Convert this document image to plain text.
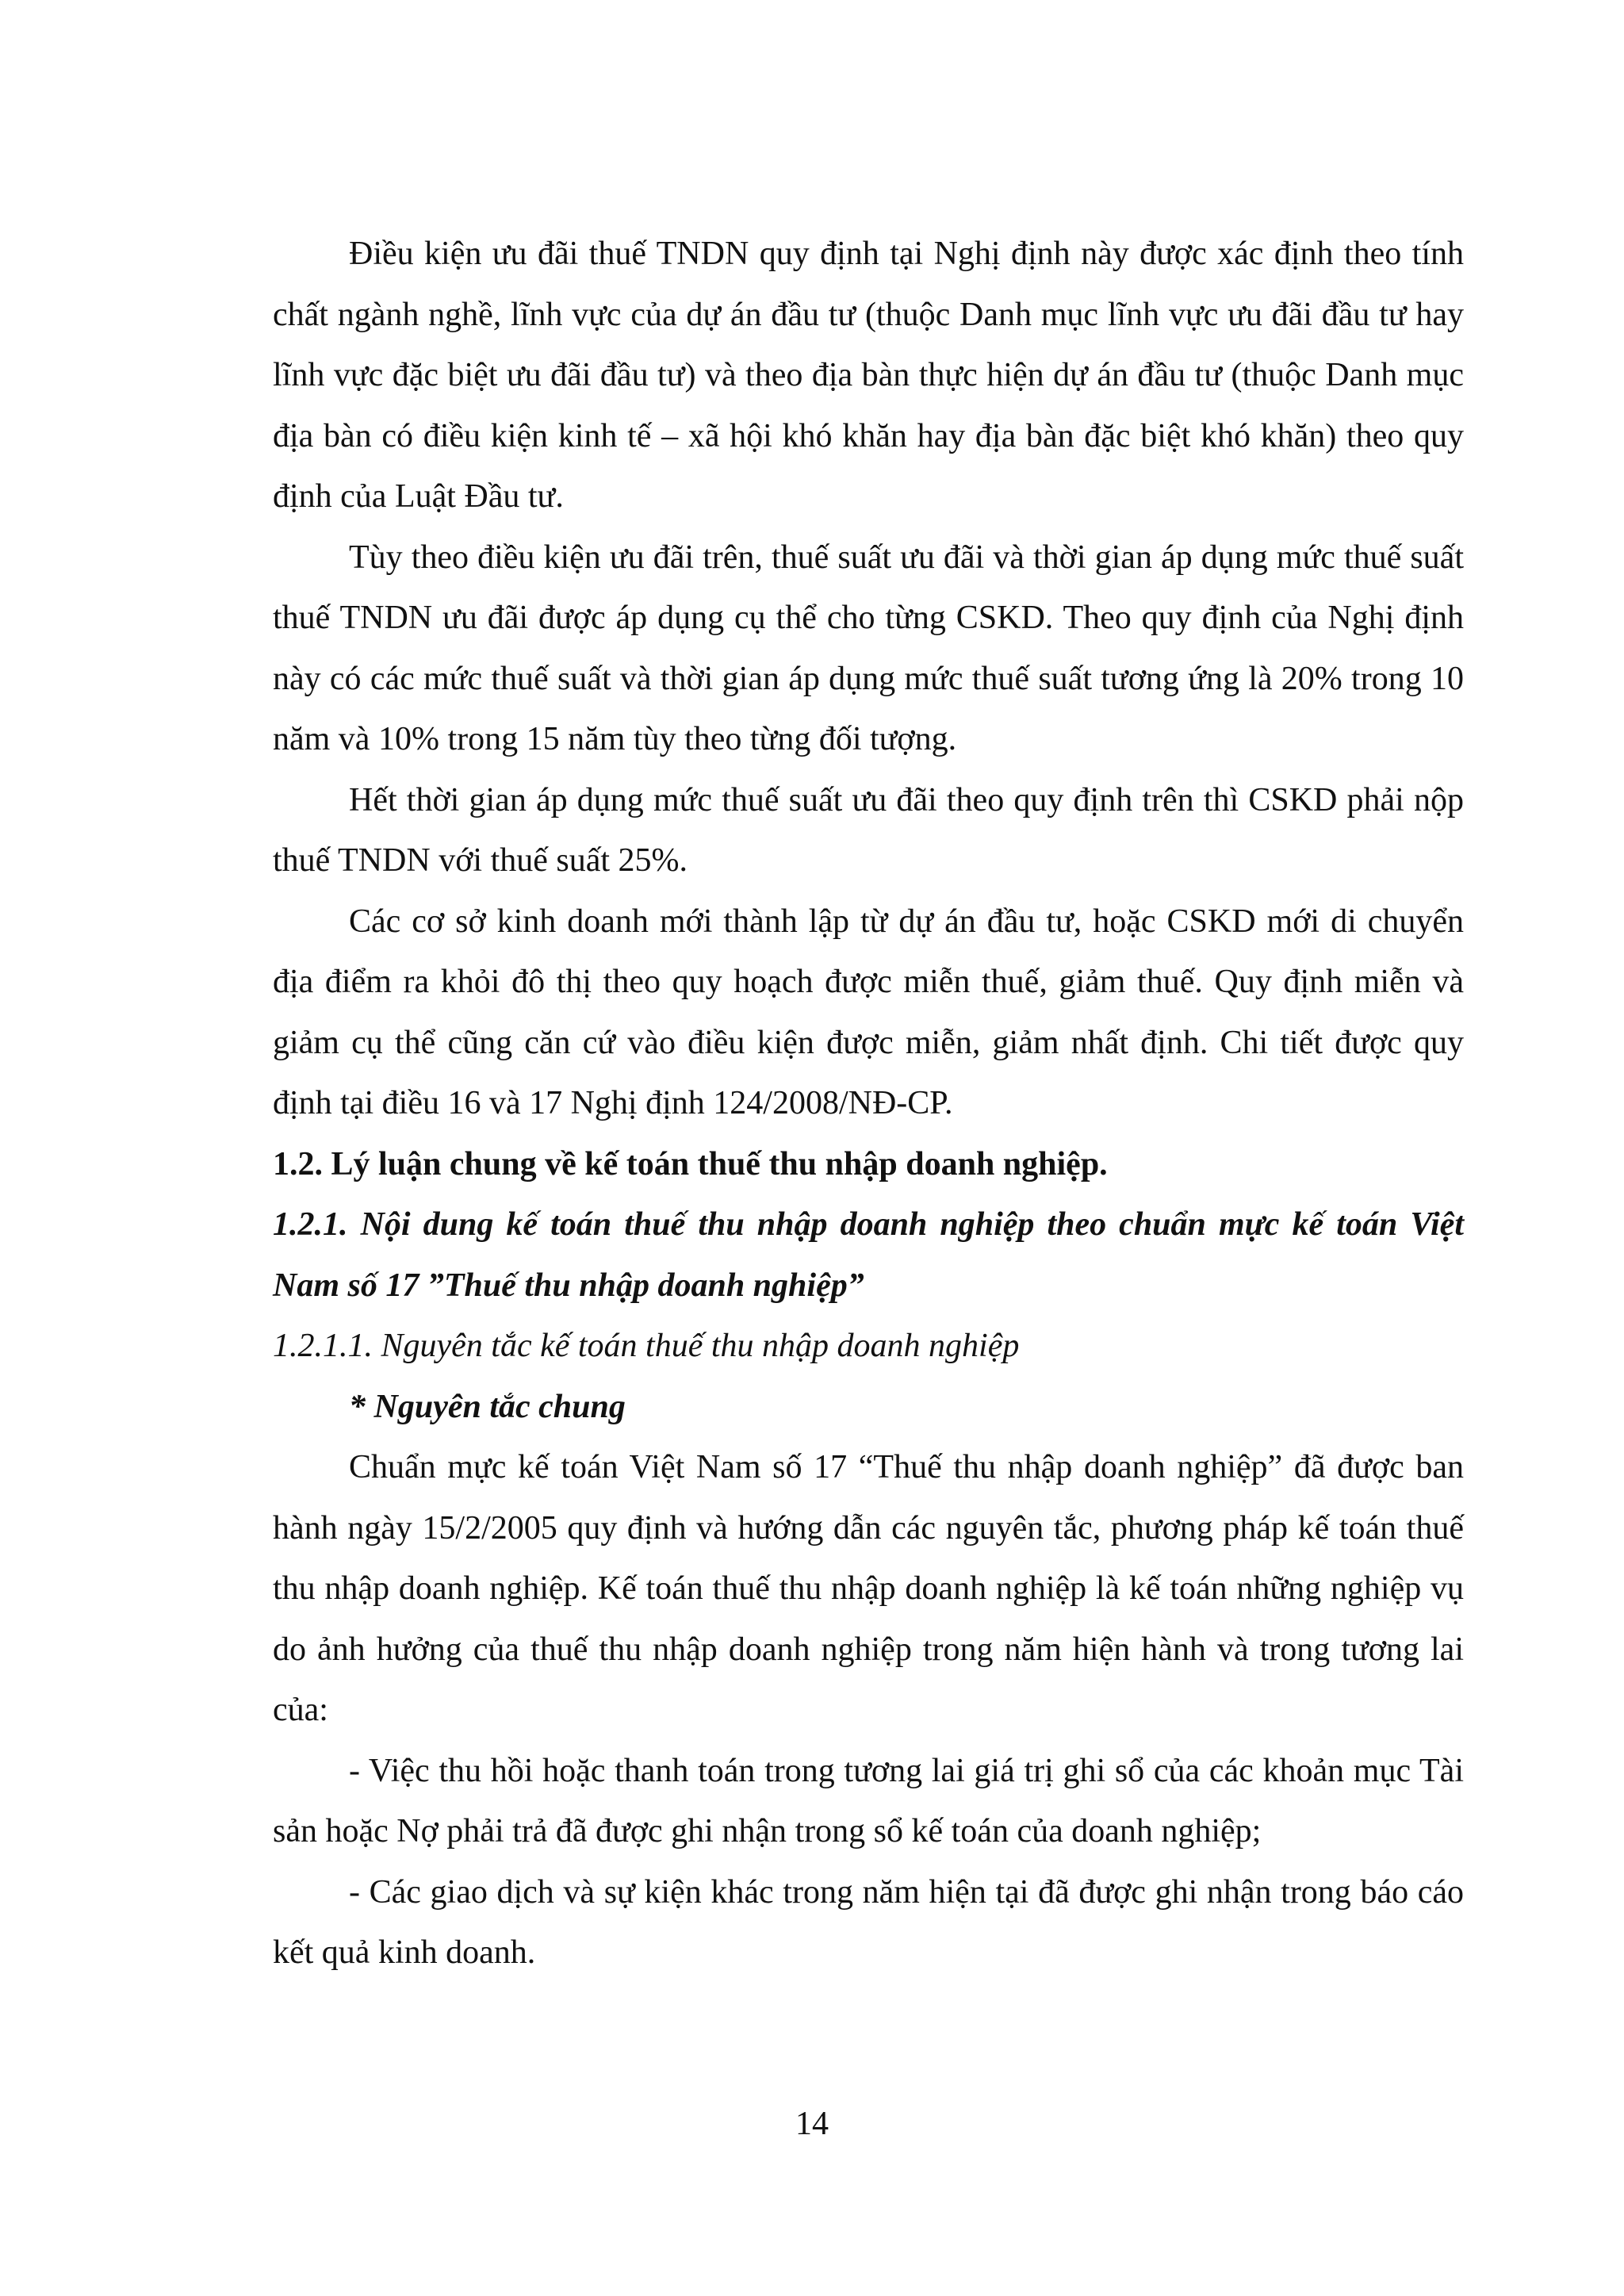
Điều kiện ưu đãi thuế TNDN quy định tại Nghị định này được xác định theo tính chất ngành nghề, lĩnh vực của dự án đầu tư (thuộc Danh mục lĩnh vực ưu đãi đầu tư hay lĩnh vực đặc biệt ưu đãi đầu tư) và theo địa bàn thực hiện dự án đầu tư (thuộc Danh mục địa bàn có điều kiện kinh tế – xã hội khó khăn hay địa bàn đặc biệt khó khăn) theo quy định của Luật Đầu tư.

Tùy theo điều kiện ưu đãi trên, thuế suất ưu đãi và thời gian áp dụng mức thuế suất thuế TNDN ưu đãi được áp dụng cụ thể cho từng CSKD. Theo quy định của Nghị định này có các mức thuế suất và thời gian áp dụng mức thuế suất tương ứng là 20% trong 10 năm và 10% trong 15 năm tùy theo từng đối tượng.

Hết thời gian áp dụng mức thuế suất ưu đãi theo quy định trên thì CSKD phải nộp thuế TNDN với thuế suất 25%.

Các cơ sở kinh doanh mới thành lập từ dự án đầu tư, hoặc CSKD mới di chuyển địa điểm ra khỏi đô thị theo quy hoạch được miễn thuế, giảm thuế. Quy định miễn và giảm cụ thể cũng căn cứ vào điều kiện được miễn, giảm nhất định. Chi tiết được quy định tại điều 16 và 17 Nghị định 124/2008/NĐ-CP.

1.2. Lý luận chung về kế toán thuế thu nhập doanh nghiệp.

1.2.1. Nội dung kế toán thuế thu nhập doanh nghiệp theo chuẩn mực kế toán Việt Nam số 17 ”Thuế thu nhập doanh nghiệp”

1.2.1.1. Nguyên tắc kế toán thuế thu nhập doanh nghiệp

* Nguyên tắc chung

Chuẩn mực kế toán Việt Nam số 17 “Thuế thu nhập doanh nghiệp” đã được ban hành ngày 15/2/2005 quy định và hướng dẫn các nguyên tắc, phương pháp kế toán thuế thu nhập doanh nghiệp. Kế toán thuế thu nhập doanh nghiệp là kế toán những nghiệp vụ do ảnh hưởng của thuế thu nhập doanh nghiệp trong năm hiện hành và trong tương lai của:

- Việc thu hồi hoặc thanh toán trong tương lai giá trị ghi sổ của các khoản mục Tài sản hoặc Nợ phải trả đã được ghi nhận trong sổ kế toán của doanh nghiệp;

- Các giao dịch và sự kiện khác trong năm hiện tại đã được ghi nhận trong báo cáo kết quả kinh doanh.

14
